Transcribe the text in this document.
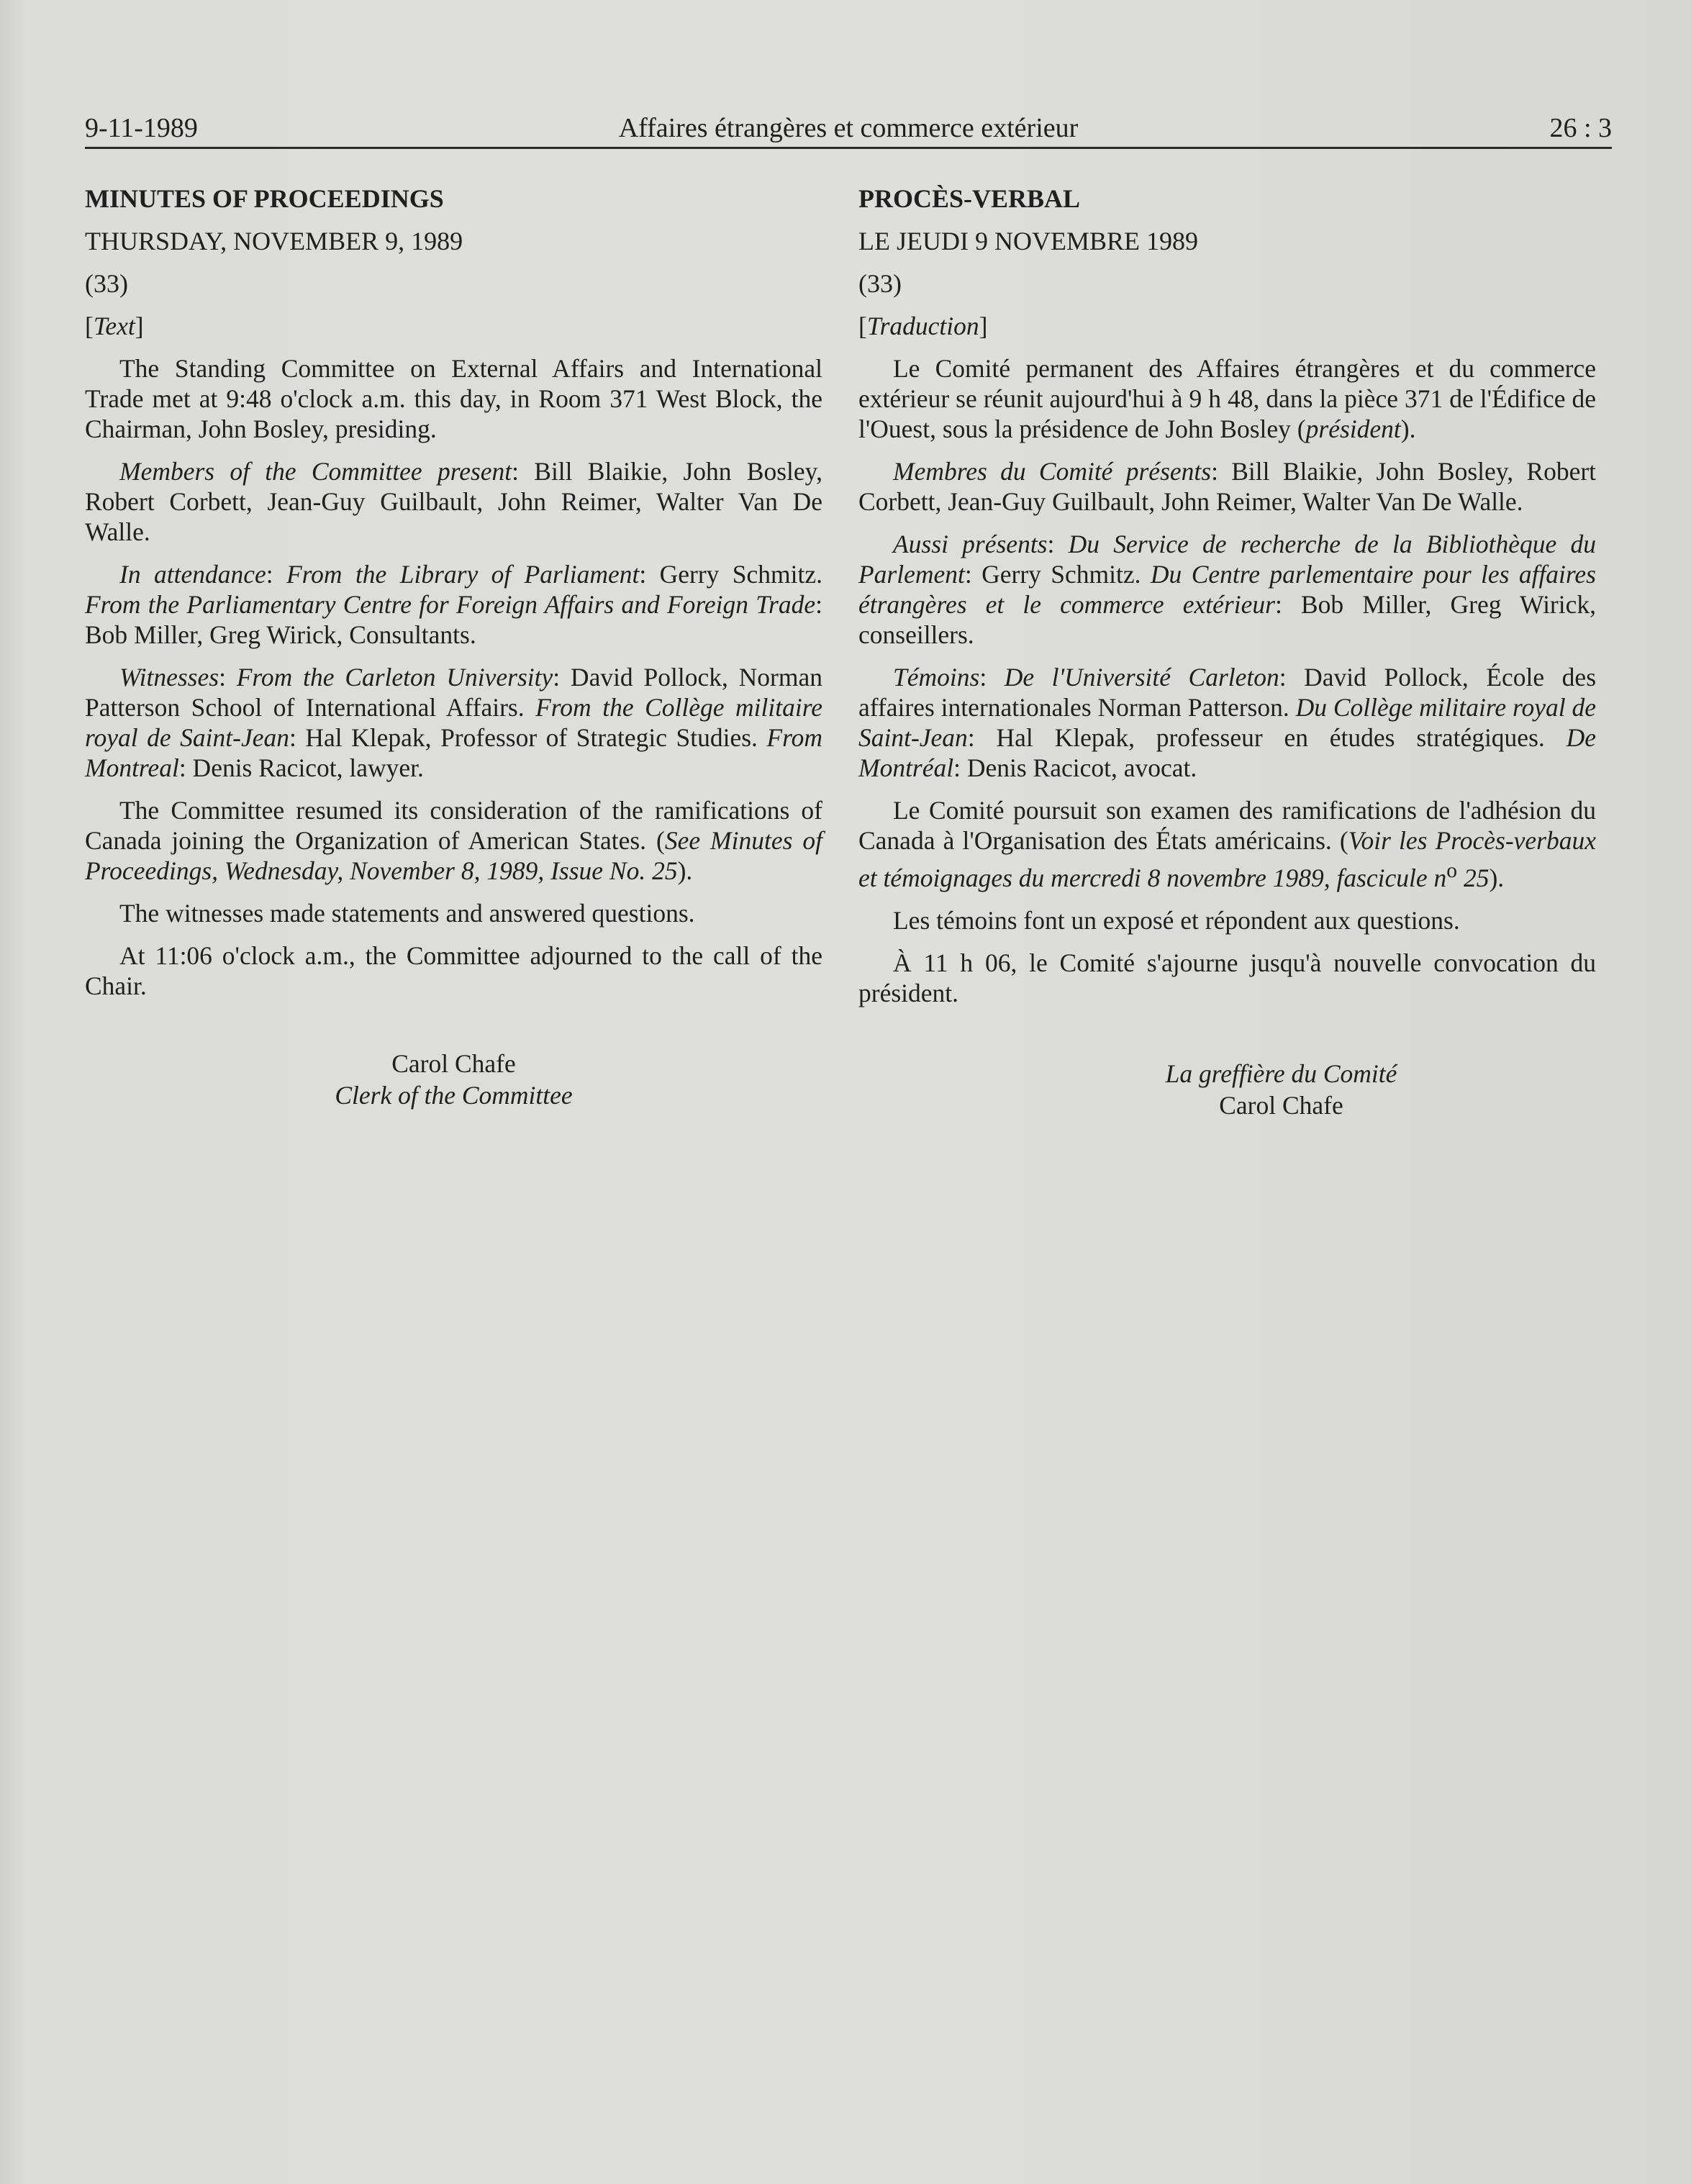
9-11-1989	Affaires étrangères et commerce extérieur	26 : 3

MINUTES OF PROCEEDINGS

THURSDAY, NOVEMBER 9, 1989

(33)

[Text]

The Standing Committee on External Affairs and International Trade met at 9:48 o'clock a.m. this day, in Room 371 West Block, the Chairman, John Bosley, presiding.

Members of the Committee present: Bill Blaikie, John Bosley, Robert Corbett, Jean-Guy Guilbault, John Reimer, Walter Van De Walle.

In attendance: From the Library of Parliament: Gerry Schmitz. From the Parliamentary Centre for Foreign Affairs and Foreign Trade: Bob Miller, Greg Wirick, Consultants.

Witnesses: From the Carleton University: David Pollock, Norman Patterson School of International Affairs. From the Collège militaire royal de Saint-Jean: Hal Klepak, Professor of Strategic Studies. From Montreal: Denis Racicot, lawyer.

The Committee resumed its consideration of the ramifications of Canada joining the Organization of American States. (See Minutes of Proceedings, Wednesday, November 8, 1989, Issue No. 25).

The witnesses made statements and answered questions.

At 11:06 o'clock a.m., the Committee adjourned to the call of the Chair.

Carol Chafe
Clerk of the Committee

PROCÈS-VERBAL

LE JEUDI 9 NOVEMBRE 1989

(33)

[Traduction]

Le Comité permanent des Affaires étrangères et du commerce extérieur se réunit aujourd'hui à 9 h 48, dans la pièce 371 de l'Édifice de l'Ouest, sous la présidence de John Bosley (président).

Membres du Comité présents: Bill Blaikie, John Bosley, Robert Corbett, Jean-Guy Guilbault, John Reimer, Walter Van De Walle.

Aussi présents: Du Service de recherche de la Bibliothèque du Parlement: Gerry Schmitz. Du Centre parlementaire pour les affaires étrangères et le commerce extérieur: Bob Miller, Greg Wirick, conseillers.

Témoins: De l'Université Carleton: David Pollock, École des affaires internationales Norman Patterson. Du Collège militaire royal de Saint-Jean: Hal Klepak, professeur en études stratégiques. De Montréal: Denis Racicot, avocat.

Le Comité poursuit son examen des ramifications de l'adhésion du Canada à l'Organisation des États américains. (Voir les Procès-verbaux et témoignages du mercredi 8 novembre 1989, fascicule $n^o$ 25).

Les témoins font un exposé et répondent aux questions.

À 11 h 06, le Comité s'ajourne jusqu'à nouvelle convocation du président.

La greffière du Comité
Carol Chafe
